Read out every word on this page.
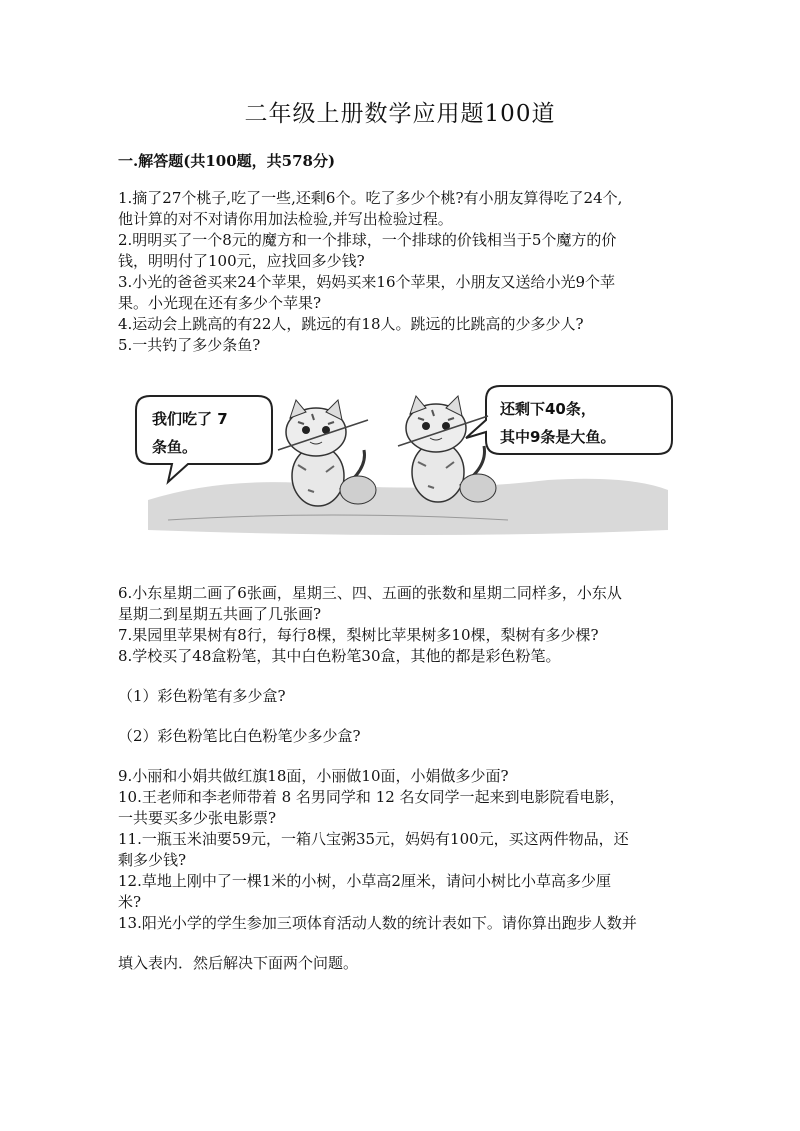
二年级上册数学应用题100道
一.解答题(共100题，共578分)
1.摘了27个桃子,吃了一些,还剩6个。吃了多少个桃?有小朋友算得吃了24个,
他计算的对不对请你用加法检验,并写出检验过程。
2.明明买了一个8元的魔方和一个排球，一个排球的价钱相当于5个魔方的价
钱，明明付了100元，应找回多少钱?
3.小光的爸爸买来24个苹果，妈妈买来16个苹果，小朋友又送给小光9个苹
果。小光现在还有多少个苹果?
4.运动会上跳高的有22人，跳远的有18人。跳远的比跳高的少多少人?
5.一共钓了多少条鱼?
我们吃了 7
条鱼。
还剩下40条，
其中9条是大鱼。
6.小东星期二画了6张画，星期三、四、五画的张数和星期二同样多，小东从
星期二到星期五共画了几张画?
7.果园里苹果树有8行，每行8棵，梨树比苹果树多10棵，梨树有多少棵?
8.学校买了48盒粉笔，其中白色粉笔30盒，其他的都是彩色粉笔。
（1）彩色粉笔有多少盒?
（2）彩色粉笔比白色粉笔少多少盒?
9.小丽和小娟共做红旗18面，小丽做10面，小娟做多少面?
10.王老师和李老师带着 8 名男同学和 12 名女同学一起来到电影院看电影，
一共要买多少张电影票?
11.一瓶玉米油要59元，一箱八宝粥35元，妈妈有100元，买这两件物品，还
剩多少钱?
12.草地上刚中了一棵1米的小树，小草高2厘米，请问小树比小草高多少厘
米?
13.阳光小学的学生参加三项体育活动人数的统计表如下。请你算出跑步人数并
填入表内．然后解决下面两个问题。
